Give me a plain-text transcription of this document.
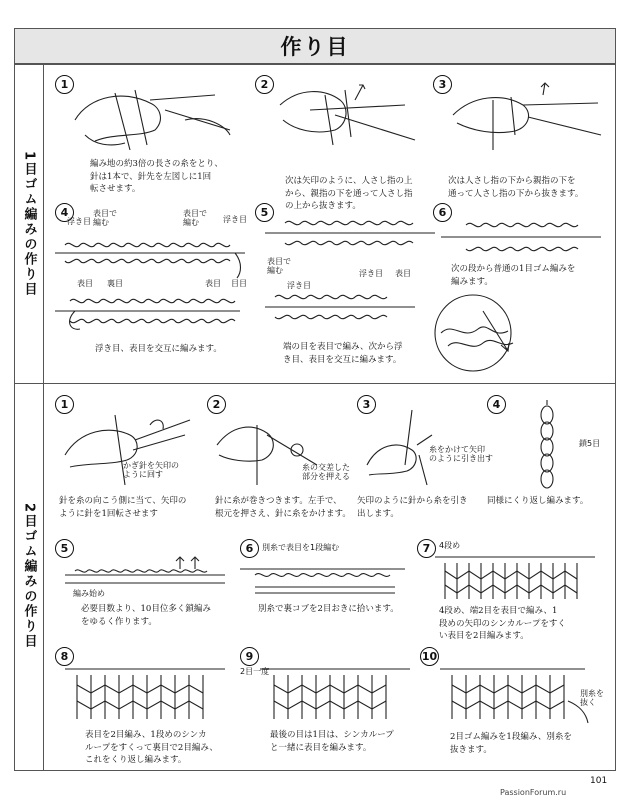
作り目
1目ゴム編みの作り目
2目ゴム編みの作り目
1
編み地の約3倍の長さの糸をとり、
針は1本で、針先を左図しに1回
転させます。
2
次は矢印のように、人さし指の上
から、親指の下を通って人さし指
の上から抜きます。
3
次は人さし指の下から親指の下を
通って人さし指の下から抜きます。
4
浮き目
表目で
編む
表目で
編む	浮き目
表目 裏目	表目 目目
浮き目、表目を交互に編みます。
5
表目で
編む
浮き目
浮き目 表目
端の目を表目で編み、次から浮
き目、表目を交互に編みます。
6
次の段から普通の1目ゴム編みを
編みます。
1
かぎ針を矢印の
ように回す
針を糸の向こう側に当て、矢印の
ように針を1回転させます
2
糸の交差した
部分を押える
針に糸が巻きつきます。左手で、
根元を押さえ、針に糸をかけます。
3
糸をかけて矢印
のように引き出す
矢印のように針から糸を引き
出します。
4
鎖5目
同様にくり返し編みます。
5
編み始め
必要目数より、10目位多く鎖編み
をゆるく作ります。
6	別糸で表目を1段編む
別糸で裏コブを2目おきに拾います。
7	4段め
4段め、端2目を表目で編み、1
段めの矢印のシンカループをすく
い表目を2目編みます。
8
表目を2目編み、1段めのシンカ
ループをすくって裏目で2目編み、
これをくり返し編みます。
9
2目一度
最後の目は1目は、シンカループ
と一緒に表目を編みます。
10
別糸を
抜く
2目ゴム編みを1段編み、別糸を
抜きます。
101
PassionForum.ru
